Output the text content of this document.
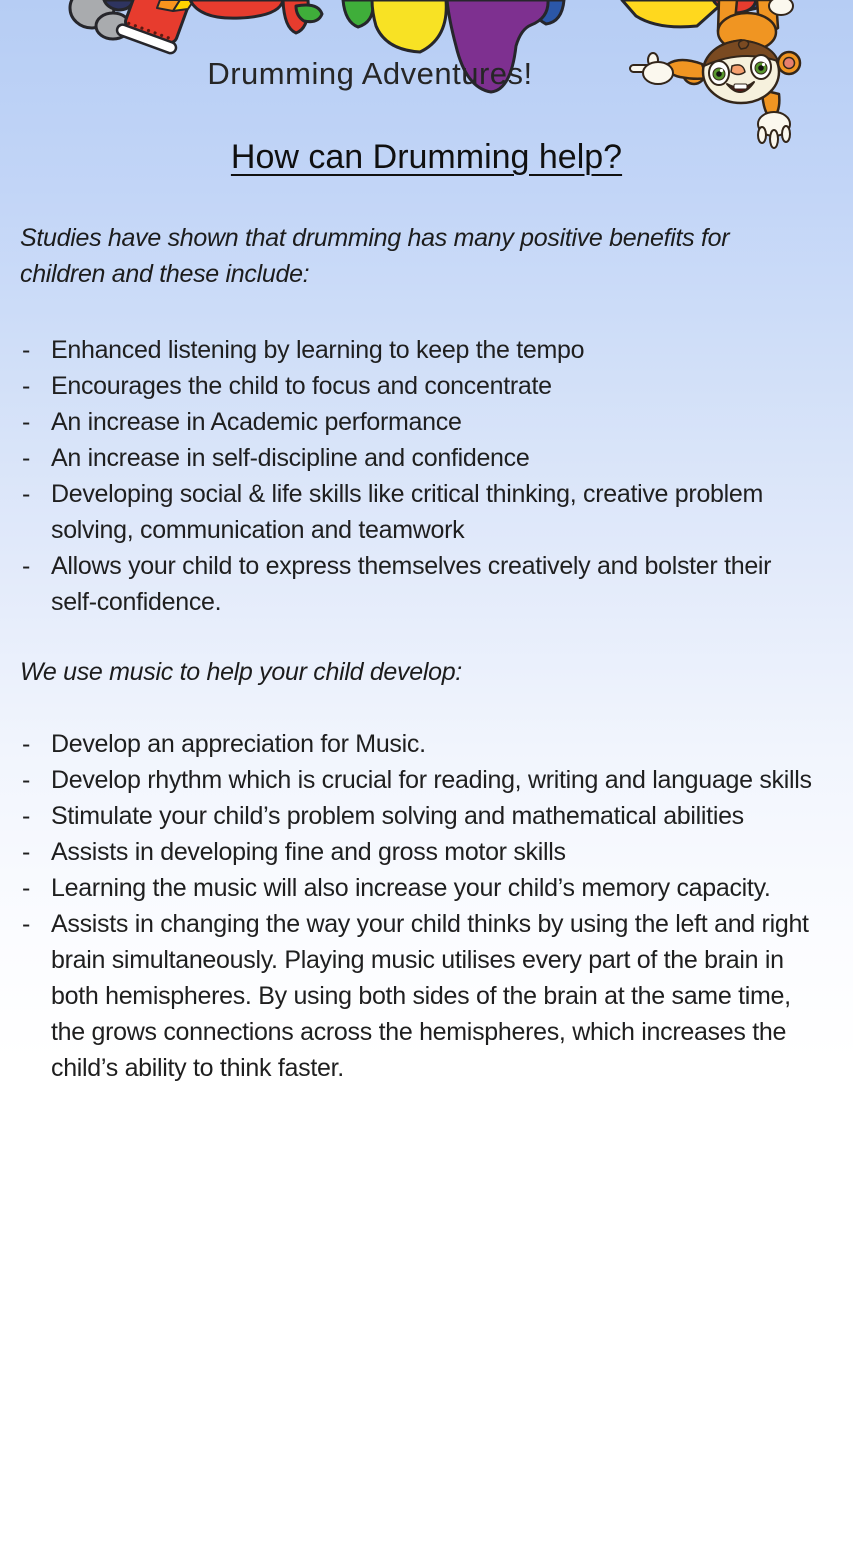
Drumming Adventures!
How can Drumming help?

Studies have shown that drumming has many positive benefits for children and these include:

- Enhanced listening by learning to keep the tempo
- Encourages the child to focus and concentrate
- An increase in Academic performance
- An increase in self-discipline and confidence
- Developing social & life skills like critical thinking, creative problem solving, communication and teamwork
- Allows your child to express themselves creatively and bolster their self-confidence.

We use music to help your child develop:

- Develop an appreciation for Music.
- Develop rhythm which is crucial for reading, writing and language skills
- Stimulate your child’s problem solving and mathematical abilities
- Assists in developing fine and gross motor skills
- Learning the music will also increase your child’s memory capacity.
- Assists in changing the way your child thinks by using the left and right brain simultaneously. Playing music utilises every part of the brain in both hemispheres. By using both sides of the brain at the same time, the grows connections across the hemispheres, which increases the child’s ability to think faster.
